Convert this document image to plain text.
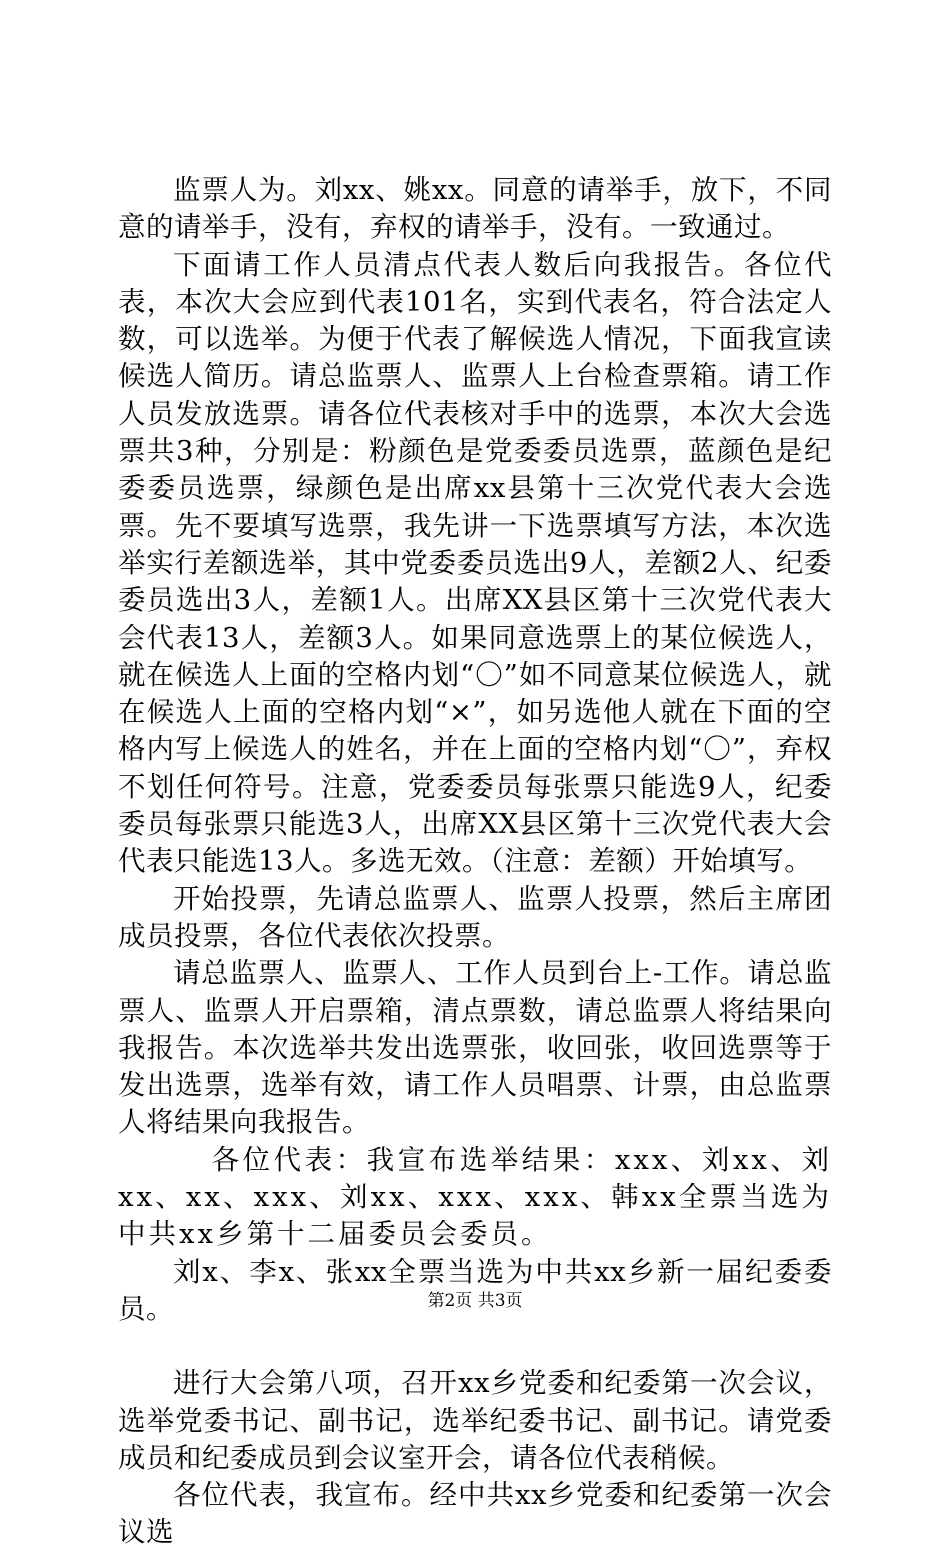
监票人为。刘xx、姚xx。同意的请举手，放下，不同意的请举手，没有，弃权的请举手，没有。一致通过。

下面请工作人员清点代表人数后向我报告。各位代表，本次大会应到代表101名，实到代表名，符合法定人数，可以选举。为便于代表了解候选人情况，下面我宣读候选人简历。请总监票人、监票人上台检查票箱。请工作人员发放选票。请各位代表核对手中的选票，本次大会选票共3种，分别是：粉颜色是党委委员选票，蓝颜色是纪委委员选票，绿颜色是出席xx县第十三次党代表大会选票。先不要填写选票，我先讲一下选票填写方法，本次选举实行差额选举，其中党委委员选出9人，差额2人、纪委委员选出3人，差额1人。出席XX县区第十三次党代表大会代表13人，差额3人。如果同意选票上的某位候选人，就在候选人上面的空格内划“〇”如不同意某位候选人，就在候选人上面的空格内划“×”，如另选他人就在下面的空格内写上候选人的姓名，并在上面的空格内划“〇”，弃权不划任何符号。注意，党委委员每张票只能选9人，纪委委员每张票只能选3人，出席XX县区第十三次党代表大会代表只能选13人。多选无效。（注意：差额）开始填写。

开始投票，先请总监票人、监票人投票，然后主席团成员投票，各位代表依次投票。

请总监票人、监票人、工作人员到台上-工作。请总监票人、监票人开启票箱，清点票数，请总监票人将结果向我报告。本次选举共发出选票张，收回张，收回选票等于发出选票，选举有效，请工作人员唱票、计票，由总监票人将结果向我报告。

各位代表：我宣布选举结果：xxx、刘xx、刘xx、xx、xxx、刘xx、xxx、xxx、韩xx全票当选为中共xx乡第十二届委员会委员。

刘x、李x、张xx全票当选为中共xx乡新一届纪委委员。

进行大会第八项，召开xx乡党委和纪委第一次会议，选举党委书记、副书记，选举纪委书记、副书记。请党委成员和纪委成员到会议室开会，请各位代表稍候。

各位代表，我宣布。经中共xx乡党委和纪委第一次会议选

第2页 共3页
